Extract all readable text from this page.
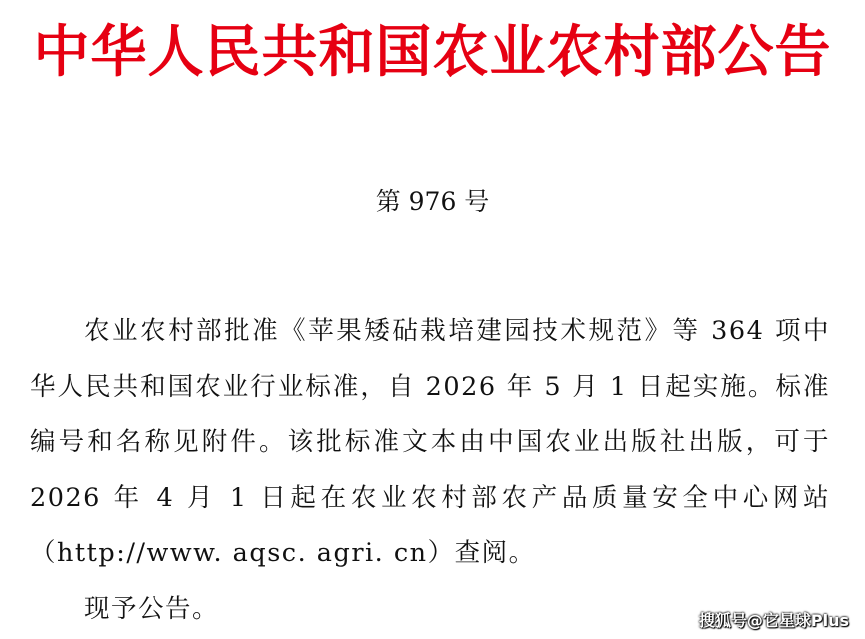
中华人民共和国农业农村部公告
第 976 号

农业农村部批准《苹果矮砧栽培建园技术规范》等 364 项中华人民共和国农业行业标准，自 2026 年 5 月 1 日起实施。标准编号和名称见附件。该批标准文本由中国农业出版社出版，可于 2026 年 4 月 1 日起在农业农村部农产品质量安全中心网站（http://www. aqsc. agri. cn）查阅。

现予公告。	搜狐号@它星球Plus
